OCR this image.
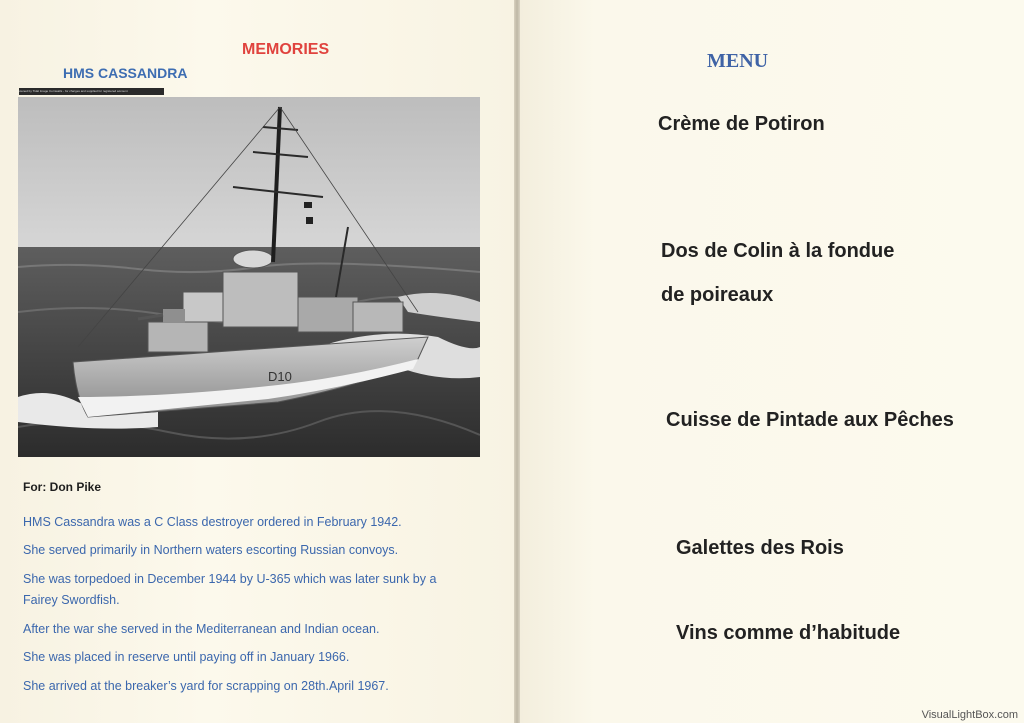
MEMORIES
HMS CASSANDRA
owned by Tidal Image Cornwalls - for charges and supplied for registered account
D10
For: Don Pike
HMS Cassandra was a C Class destroyer ordered in February 1942.
She served primarily in Northern waters escorting Russian convoys.
She was torpedoed in December 1944 by U-365 which was later sunk by a Fairey Swordfish.
After the war she served in the Mediterranean and Indian ocean.
She was placed in reserve until paying off in January 1966.
She arrived at the breaker’s yard for scrapping on 28th.April 1967.
MENU
Crème de Potiron
Dos de Colin à la fondue
de poireaux
Cuisse de Pintade aux Pêches
Galettes des Rois
Vins comme d’habitude
VisualLightBox.com
